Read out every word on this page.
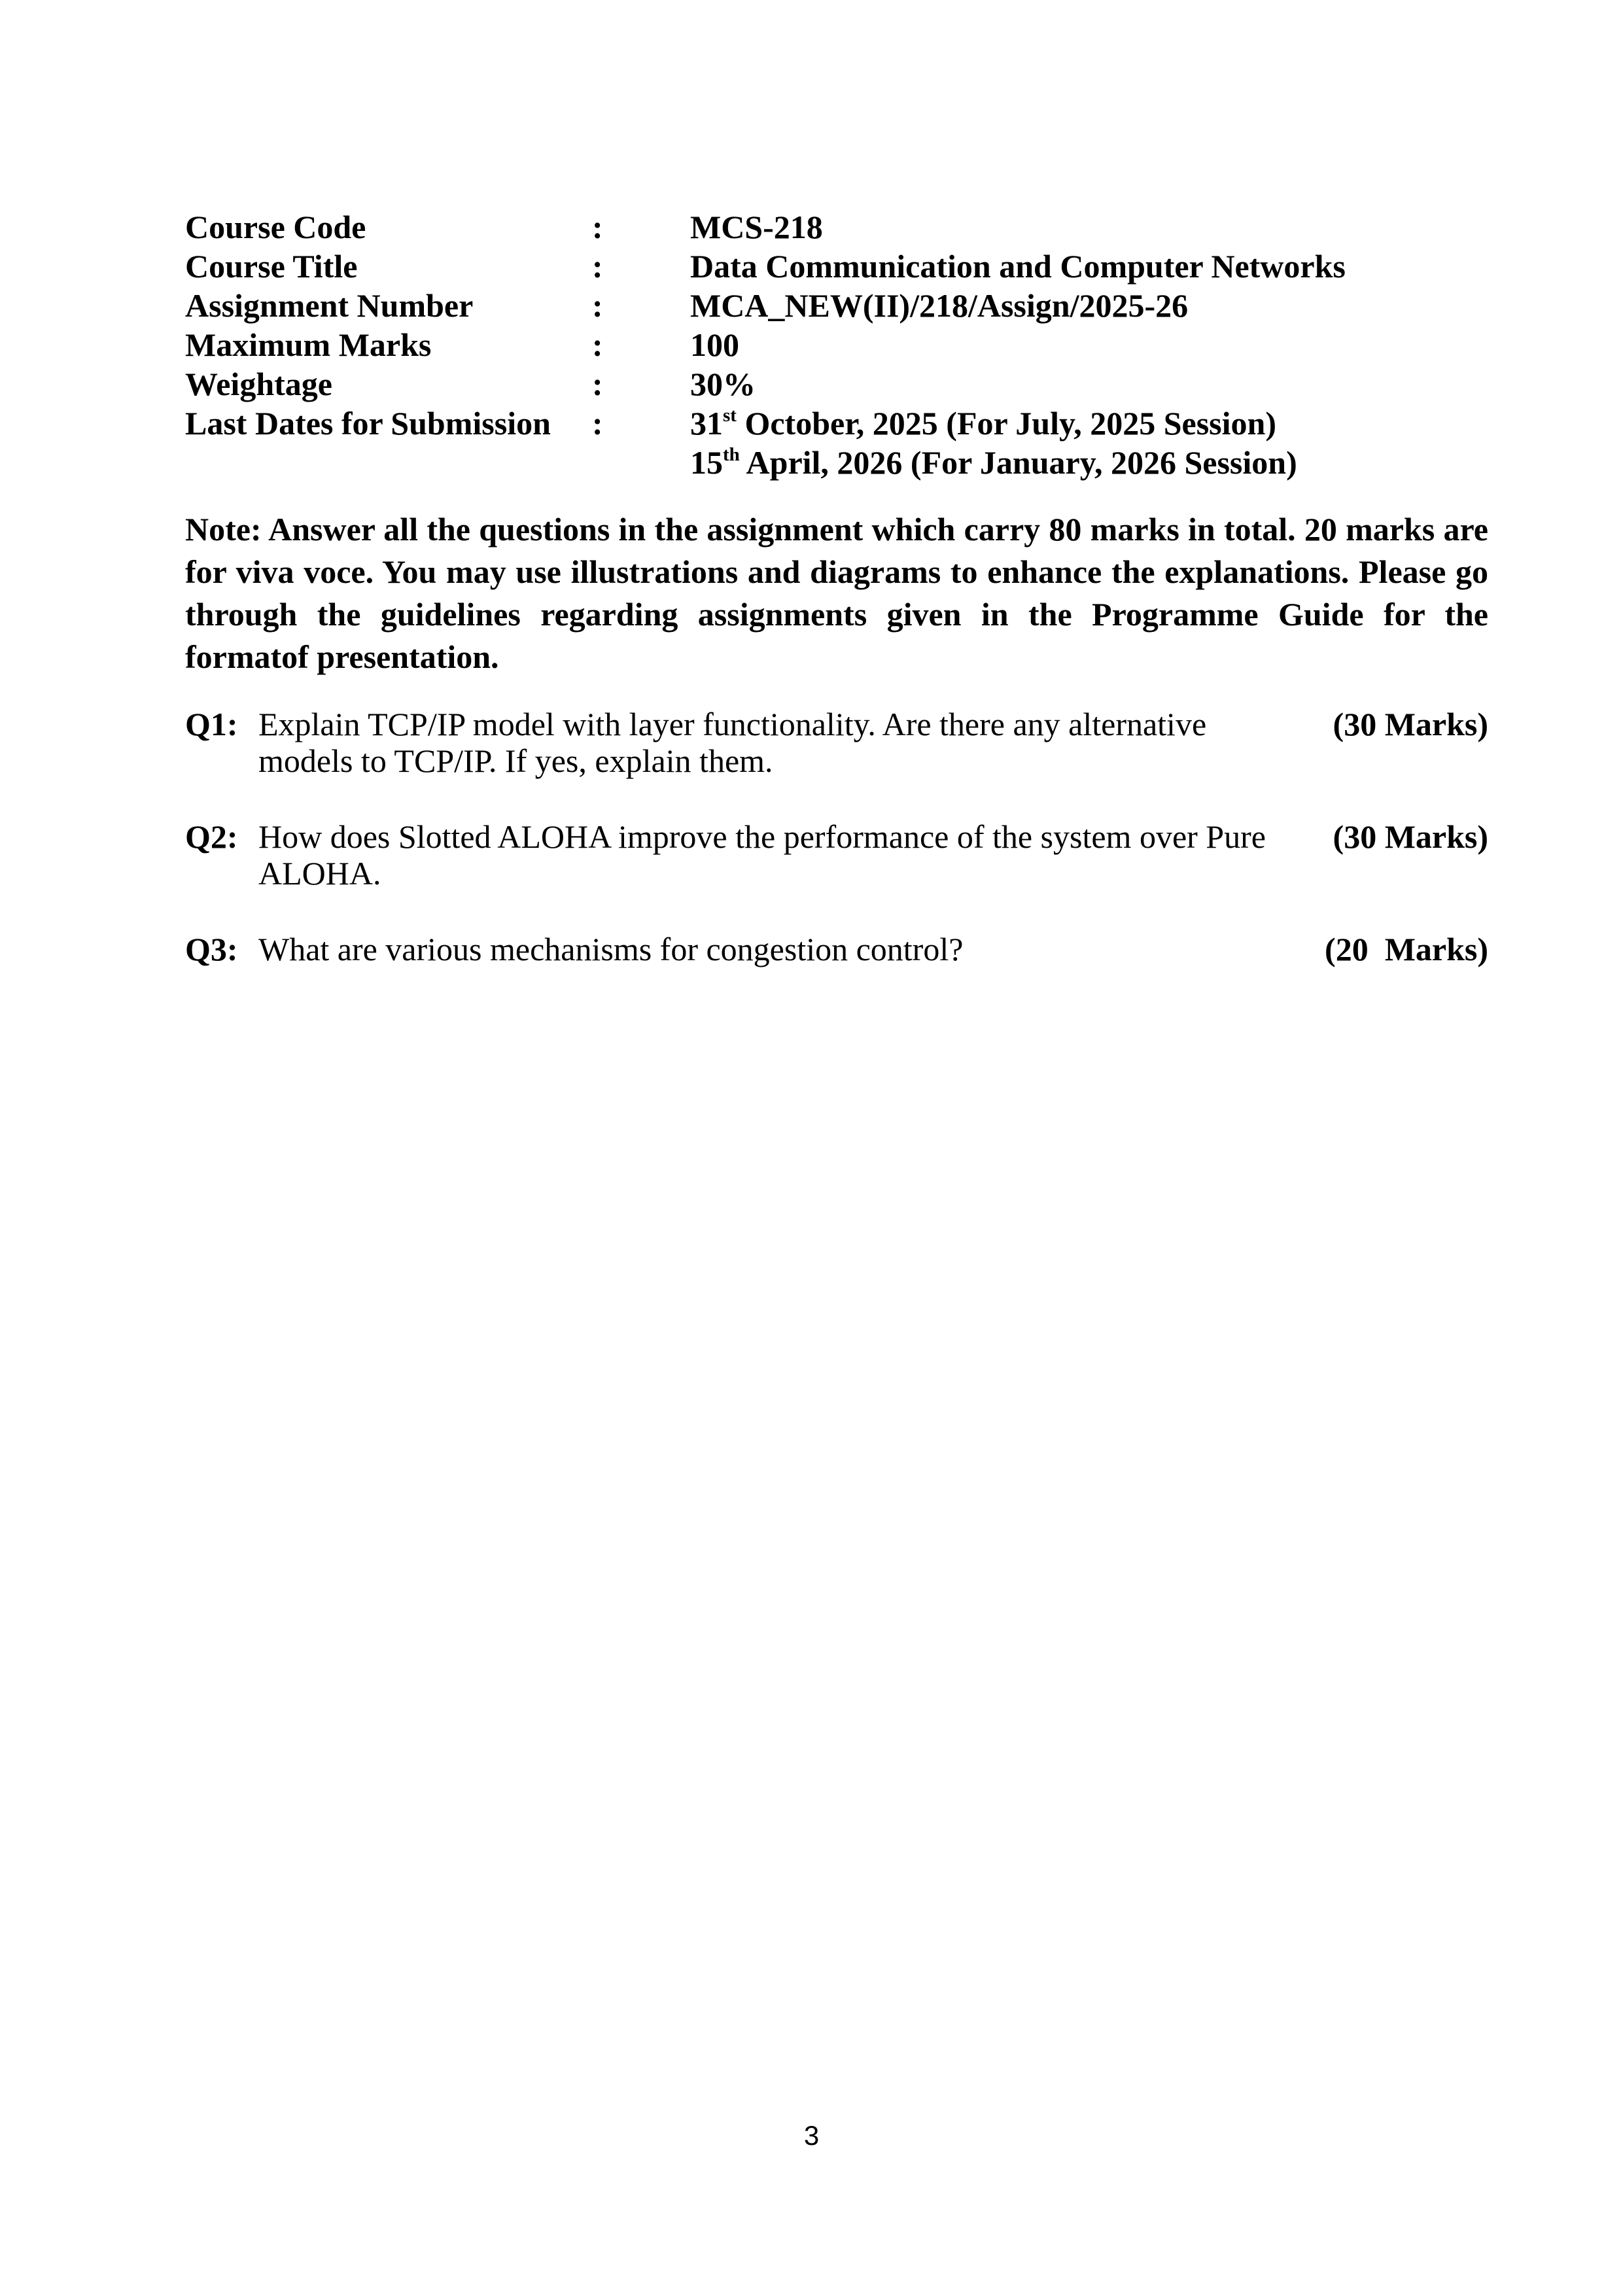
Course Code	:	MCS-218
Course Title	:	Data Communication and Computer Networks
Assignment Number	:	MCA_NEW(II)/218/Assign/2025-26
Maximum Marks	:	100
Weightage	:	30%
Last Dates for Submission	:	31st October, 2025 (For July, 2025 Session)
15th April, 2026 (For January, 2026 Session)

Note: Answer all the questions in the assignment which carry 80 marks in total. 20 marks are for viva voce. You may use illustrations and diagrams to enhance the explanations. Please go through the guidelines regarding assignments given in the Programme Guide for the formatof presentation.

Q1: Explain TCP/IP model with layer functionality. Are there any alternative models to TCP/IP. If yes, explain them.
(30 Marks)
Q2: How does Slotted ALOHA improve the performance of the system over Pure ALOHA.
(30 Marks)
Q3: What are various mechanisms for congestion control?	(20  Marks)
3
